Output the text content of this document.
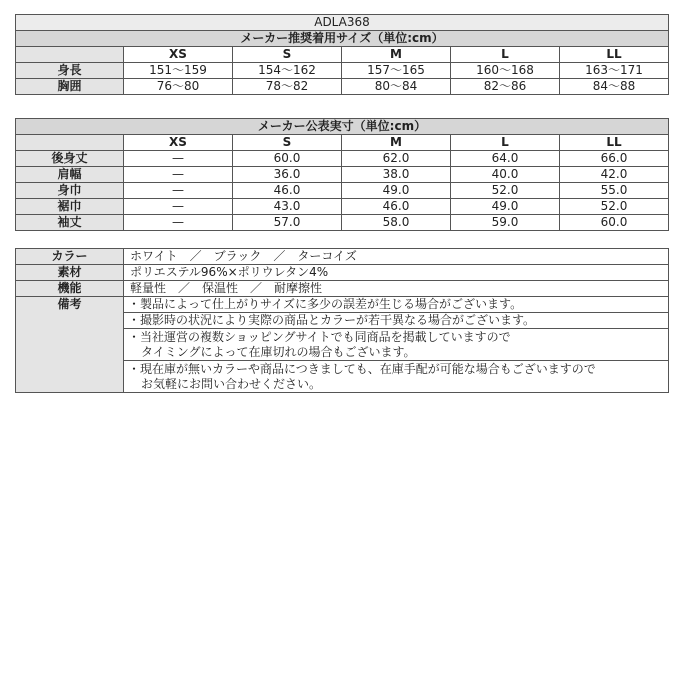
ADLA368					
メーカー推奨着用サイズ（単位:cm）					
	XS	S	M	L	LL
身長	151〜159	154〜162	157〜165	160〜168	163〜171
胸囲	76〜80	78〜82	80〜84	82〜86	84〜88
メーカー公表実寸（単位:cm）					
	XS	S	M	L	LL
後身丈	—	60.0	62.0	64.0	66.0
肩幅	—	36.0	38.0	40.0	42.0
身巾	—	46.0	49.0	52.0	55.0
裾巾	—	43.0	46.0	49.0	52.0
袖丈	—	57.0	58.0	59.0	60.0
カラー	ホワイト　／　ブラック　／　ターコイズ
素材	ポリエステル96%×ポリウレタン4%
機能	軽量性　／　保温性　／　耐摩擦性
備考	・製品によって仕上がりサイズに多少の誤差が生じる場合がございます。
	・撮影時の状況により実際の商品とカラーが若干異なる場合がございます。

	・当社運営の複数ショッピングサイトでも同商品を掲載していますので
タイミングによって在庫切れの場合もございます。

	・現在庫が無いカラーや商品につきましても、在庫手配が可能な場合もございますので
お気軽にお問い合わせください。
